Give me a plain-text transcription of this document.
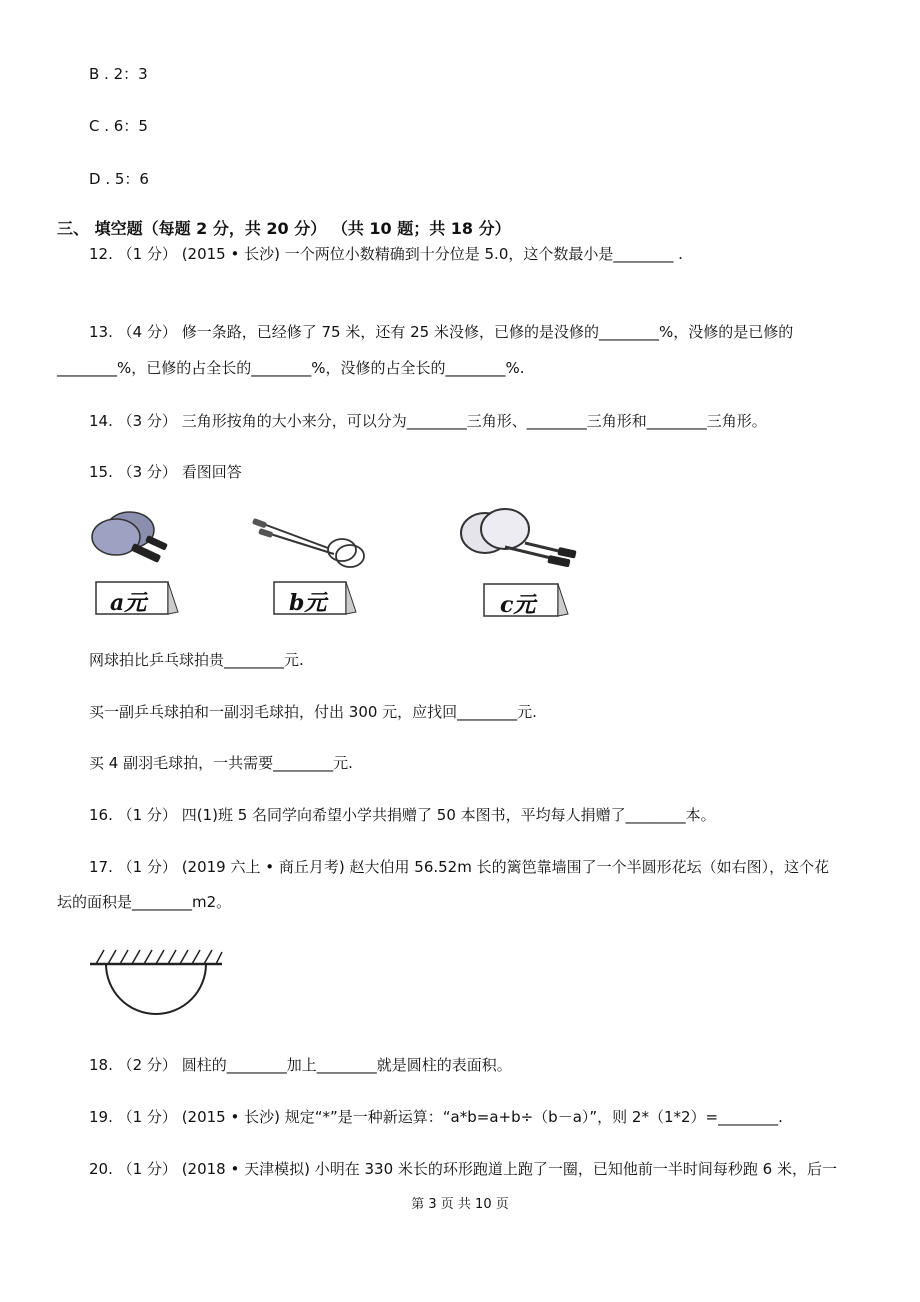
B . 2：3
C . 6：5
D . 5：6
三、 填空题（每题 2 分，共 20 分） （共 10 题；共 18 分）
12. （1 分） (2015 • 长沙) 一个两位小数精确到十分位是 5.0，这个数最小是________ .
13. （4 分） 修一条路，已经修了 75 米，还有 25 米没修，已修的是没修的________%，没修的是已修的
________%，已修的占全长的________%，没修的占全长的________%.
14. （3 分） 三角形按角的大小来分，可以分为________三角形、________三角形和________三角形。
15. （3 分） 看图回答
a元	b元	c元
网球拍比乒乓球拍贵________元.
买一副乒乓球拍和一副羽毛球拍，付出 300 元，应找回________元.
买 4 副羽毛球拍，一共需要________元.
16. （1 分） 四(1)班 5 名同学向希望小学共捐赠了 50 本图书，平均每人捐赠了________本。
17. （1 分） (2019 六上 • 商丘月考) 赵大伯用 56.52m 长的篱笆靠墙围了一个半圆形花坛（如右图），这个花
坛的面积是________m2。
18. （2 分） 圆柱的________加上________就是圆柱的表面积。
19. （1 分） (2015 • 长沙) 规定“*”是一种新运算：“a*b=a+b÷（b－a）”，则 2*（1*2）=________.
20. （1 分） (2018 • 天津模拟) 小明在 330 米长的环形跑道上跑了一圈，已知他前一半时间每秒跑 6 米，后一
第 3 页 共 10 页
